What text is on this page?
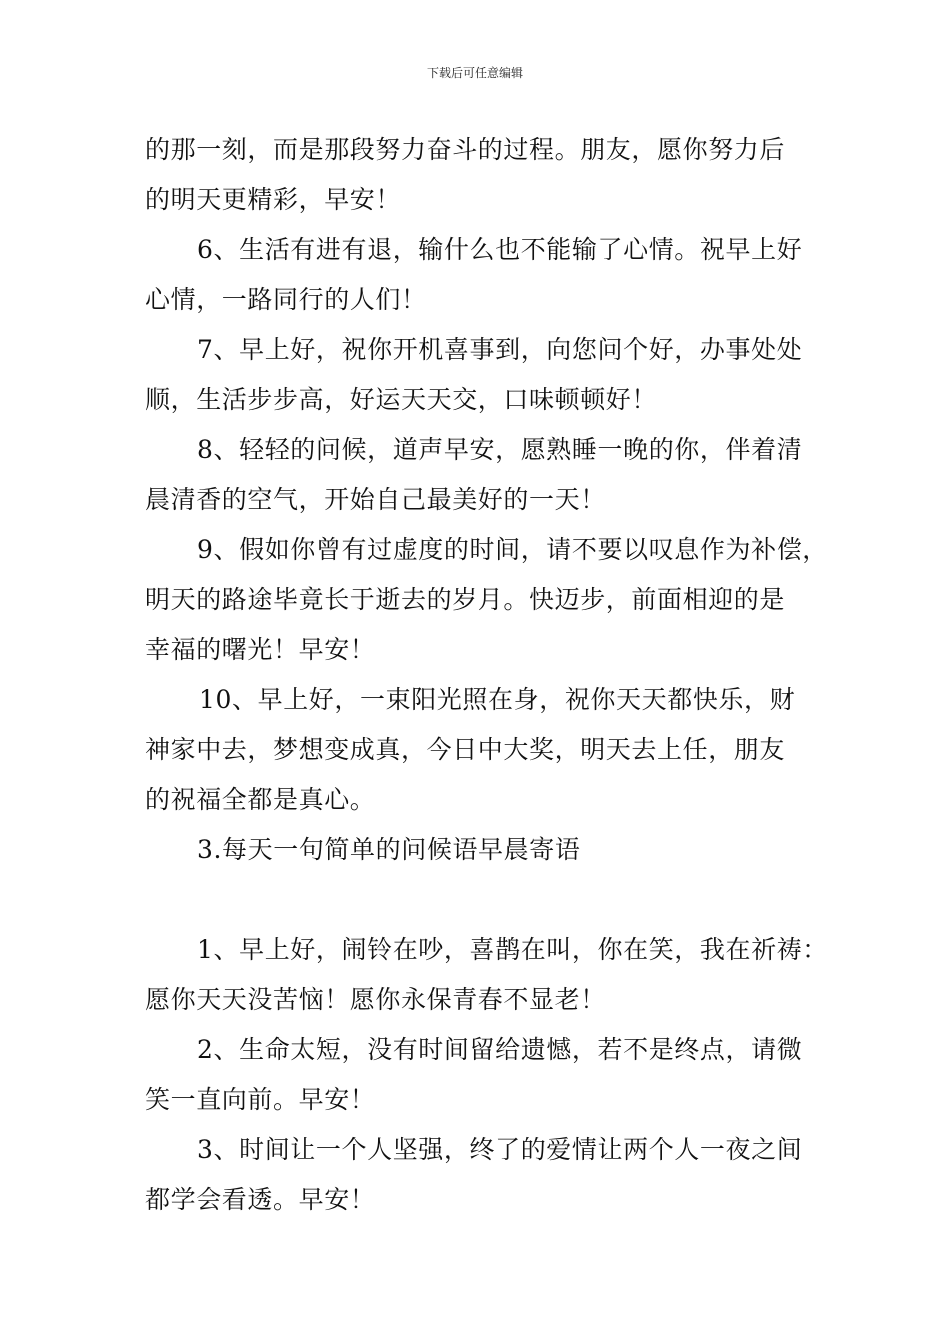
下载后可任意编辑
的那一刻，而是那段努力奋斗的过程。朋友，愿你努力后
的明天更精彩，早安！
6、生活有进有退，输什么也不能输了心情。祝早上好
心情，一路同行的人们！
7、早上好，祝你开机喜事到，向您问个好，办事处处
顺，生活步步高，好运天天交，口味顿顿好！
8、轻轻的问候，道声早安，愿熟睡一晚的你，伴着清
晨清香的空气，开始自己最美好的一天！
9、假如你曾有过虚度的时间，请不要以叹息作为补偿，
明天的路途毕竟长于逝去的岁月。快迈步，前面相迎的是
幸福的曙光！早安！
10、早上好，一束阳光照在身，祝你天天都快乐，财
神家中去，梦想变成真，今日中大奖，明天去上任，朋友
的祝福全都是真心。
3.每天一句简单的问候语早晨寄语
1、早上好，闹铃在吵，喜鹊在叫，你在笑，我在祈祷：
愿你天天没苦恼！愿你永保青春不显老！
2、生命太短，没有时间留给遗憾，若不是终点，请微
笑一直向前。早安！
3、时间让一个人坚强，终了的爱情让两个人一夜之间
都学会看透。早安！
